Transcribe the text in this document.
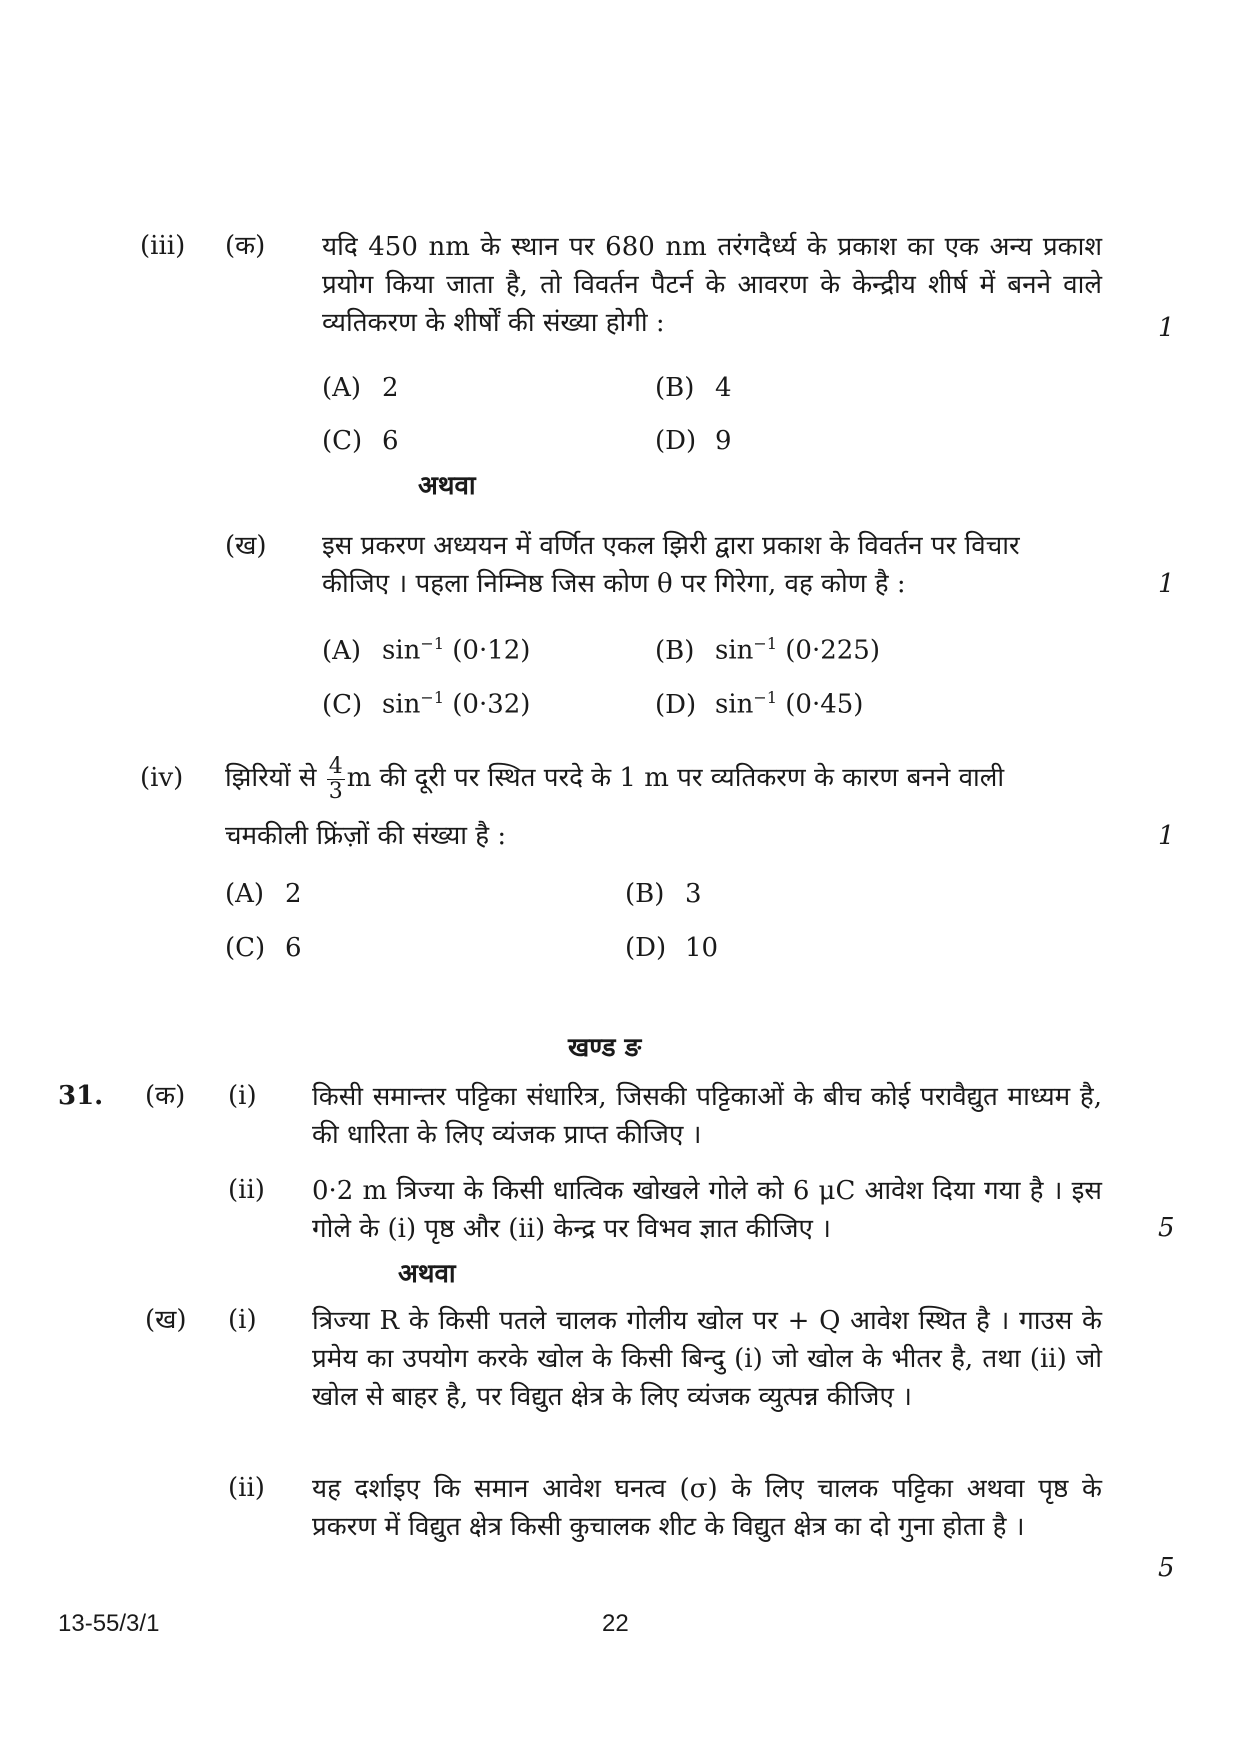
(iii) (क) यदि 450 nm के स्थान पर 680 nm तरंगदैर्ध्य के प्रकाश का एक अन्य प्रकाश प्रयोग किया जाता है, तो विवर्तन पैटर्न के आवरण के केन्द्रीय शीर्ष में बनने वाले व्यतिकरण के शीर्षों की संख्या होगी :	1
(A) 2	(B) 4
(C) 6	(D) 9
अथवा
(ख) इस प्रकरण अध्ययन में वर्णित एकल झिरी द्वारा प्रकाश के विवर्तन पर विचार
कीजिए । पहला निम्निष्ठ जिस कोण θ पर गिरेगा, वह कोण है :	1
(A) $\sin^{-1} (0\cdot 12)$	(B) $\sin^{-1} (0\cdot 225)$
(C) $\sin^{-1} (0\cdot 32)$	(D) $\sin^{-1} (0\cdot 45)$
(iv) झिरियों से $\frac{4}{3}$ m की दूरी पर स्थित परदे के 1 m पर व्यतिकरण के कारण बनने वाली
चमकीली फ्रिंज़ों की संख्या है :	1
(A) 2	(B) 3
(C) 6	(D) 10
खण्ड ङ
31. (क) (i) किसी समान्तर पट्टिका संधारित्र, जिसकी पट्टिकाओं के बीच कोई परावैद्युत माध्यम है, की धारिता के लिए व्यंजक प्राप्त कीजिए ।
(ii) 0·2 m त्रिज्या के किसी धात्विक खोखले गोले को 6 μC आवेश दिया गया है । इस गोले के (i) पृष्ठ और (ii) केन्द्र पर विभव ज्ञात कीजिए ।	5
अथवा
(ख) (i) त्रिज्या R के किसी पतले चालक गोलीय खोल पर + Q आवेश स्थित है । गाउस के प्रमेय का उपयोग करके खोल के किसी बिन्दु (i) जो खोल के भीतर है, तथा (ii) जो खोल से बाहर है, पर विद्युत क्षेत्र के लिए व्यंजक व्युत्पन्न कीजिए ।
(ii) यह दर्शाइए कि समान आवेश घनत्व (σ) के लिए चालक पट्टिका अथवा पृष्ठ के प्रकरण में विद्युत क्षेत्र किसी कुचालक शीट के विद्युत क्षेत्र का दो गुना होता है ।
5
13-55/3/1	22
